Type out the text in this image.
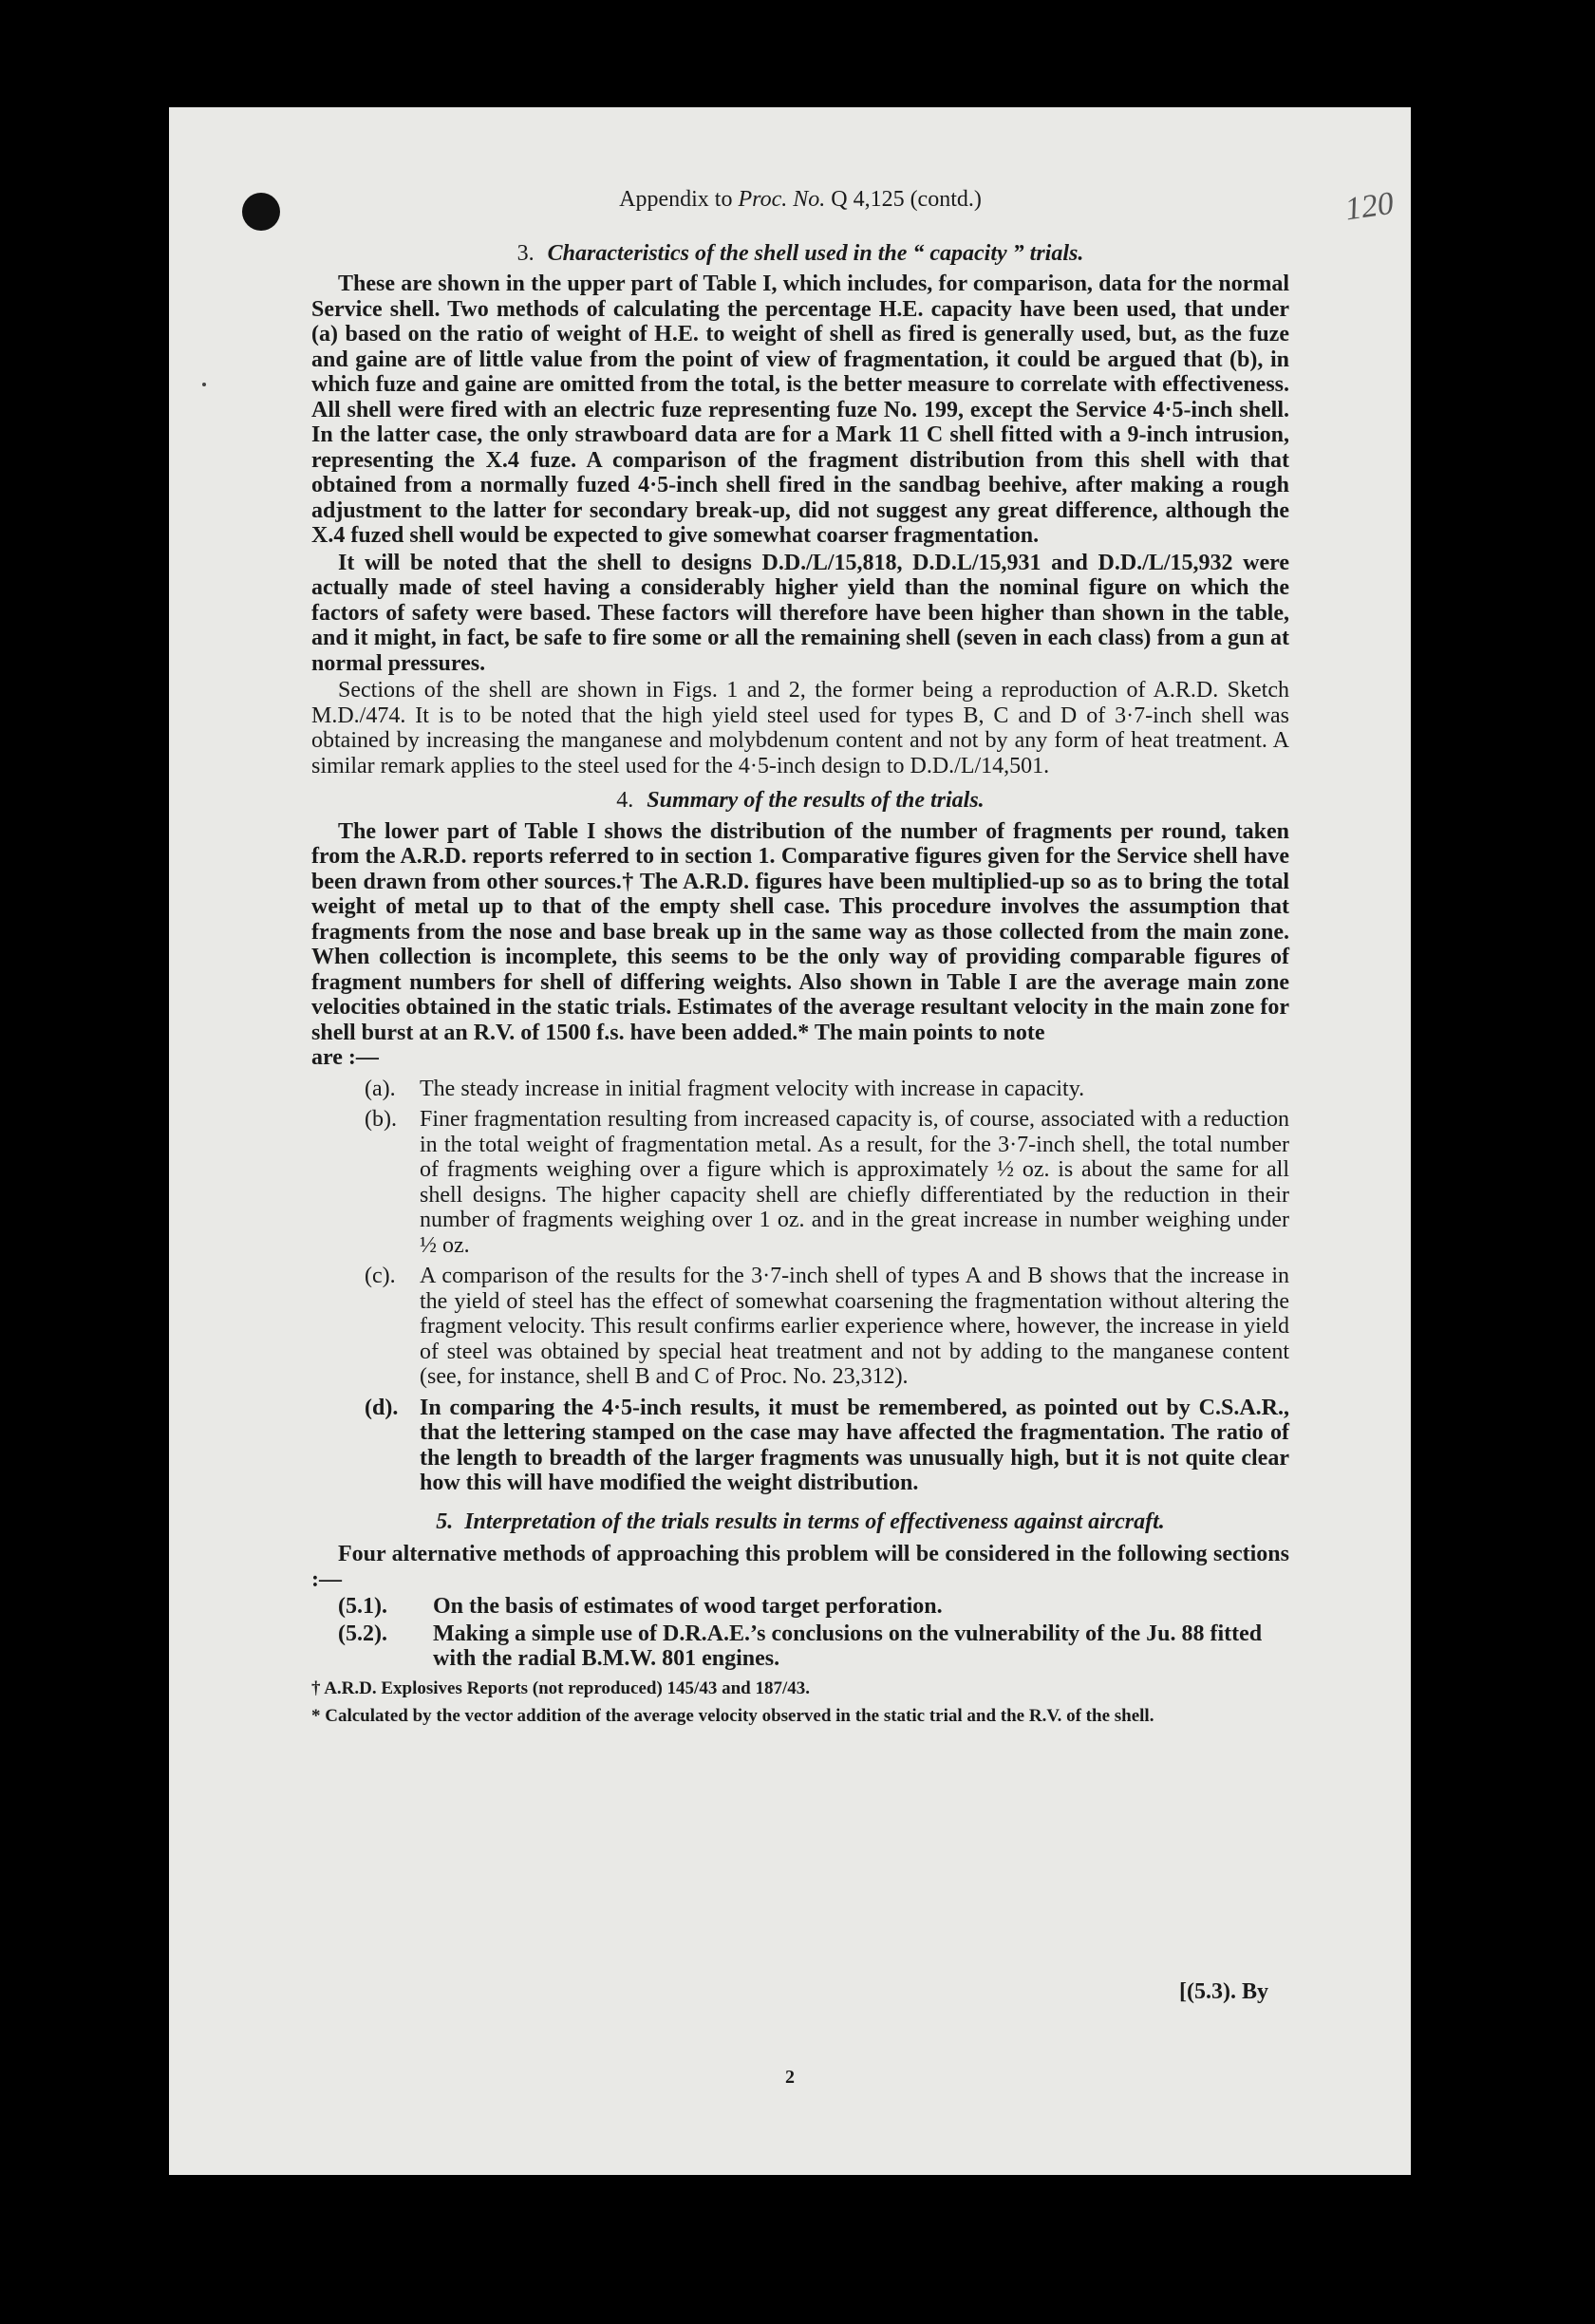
120
Appendix to Proc. No. Q 4,125 (contd.)
3. Characteristics of the shell used in the “ capacity ” trials.

These are shown in the upper part of Table I, which includes, for comparison, data for the normal Service shell. Two methods of calculating the percentage H.E. capacity have been used, that under (a) based on the ratio of weight of H.E. to weight of shell as fired is generally used, but, as the fuze and gaine are of little value from the point of view of fragmentation, it could be argued that (b), in which fuze and gaine are omitted from the total, is the better measure to correlate with effectiveness. All shell were fired with an electric fuze representing fuze No. 199, except the Service 4·5-inch shell. In the latter case, the only strawboard data are for a Mark 11 C shell fitted with a 9-inch intrusion, representing the X.4 fuze. A comparison of the fragment distribution from this shell with that obtained from a normally fuzed 4·5-inch shell fired in the sandbag beehive, after making a rough adjustment to the latter for secondary break-up, did not suggest any great difference, although the X.4 fuzed shell would be expected to give somewhat coarser fragmentation.

It will be noted that the shell to designs D.D./L/15,818, D.D.L/15,931 and D.D./L/15,932 were actually made of steel having a considerably higher yield than the nominal figure on which the factors of safety were based. These factors will therefore have been higher than shown in the table, and it might, in fact, be safe to fire some or all the remaining shell (seven in each class) from a gun at normal pressures.

Sections of the shell are shown in Figs. 1 and 2, the former being a reproduction of A.R.D. Sketch M.D./474. It is to be noted that the high yield steel used for types B, C and D of 3·7-inch shell was obtained by increasing the manganese and molybdenum content and not by any form of heat treatment. A similar remark applies to the steel used for the 4·5-inch design to D.D./L/14,501.

4. Summary of the results of the trials.

The lower part of Table I shows the distribution of the number of fragments per round, taken from the A.R.D. reports referred to in section 1. Comparative figures given for the Service shell have been drawn from other sources.† The A.R.D. figures have been multiplied-up so as to bring the total weight of metal up to that of the empty shell case. This procedure involves the assumption that fragments from the nose and base break up in the same way as those collected from the main zone. When collection is incomplete, this seems to be the only way of providing comparable figures of fragment numbers for shell of differing weights. Also shown in Table I are the average main zone velocities obtained in the static trials. Estimates of the average resultant velocity in the main zone for shell burst at an R.V. of 1500 f.s. have been added.* The main points to note
are :—

(a).	The steady increase in initial fragment velocity with increase in capacity.
(b).	Finer fragmentation resulting from increased capacity is, of course, associated with a reduction in the total weight of fragmentation metal. As a result, for the 3·7-inch shell, the total number of fragments weighing over a figure which is approximately ½ oz. is about the same for all shell designs. The higher capacity shell are chiefly differentiated by the reduction in their number of fragments weighing over 1 oz. and in the great increase in number weighing under ½ oz.
(c).	A comparison of the results for the 3·7-inch shell of types A and B shows that the increase in the yield of steel has the effect of somewhat coarsening the fragmentation without altering the fragment velocity. This result confirms earlier experience where, however, the increase in yield of steel was obtained by special heat treatment and not by adding to the manganese content (see, for instance, shell B and C of Proc. No. 23,312).
(d). In comparing the 4·5-inch results, it must be remembered, as pointed out by C.S.A.R., that the lettering stamped on the case may have affected the fragmentation. The ratio of the length to breadth of the larger fragments was unusually high, but it is not quite clear how this will have modified the weight distribution.
5. Interpretation of the trials results in terms of effectiveness against aircraft.

Four alternative methods of approaching this problem will be considered in the following sections :—

(5.1).	On the basis of estimates of wood target perforation.
(5.2).	Making a simple use of D.R.A.E.’s conclusions on the vulnerability of the Ju. 88 fitted with the radial B.M.W. 801 engines.
† A.R.D. Explosives Reports (not reproduced) 145/43 and 187/43.
* Calculated by the vector addition of the average velocity observed in the static trial and the R.V. of the shell.
[(5.3). By
2
